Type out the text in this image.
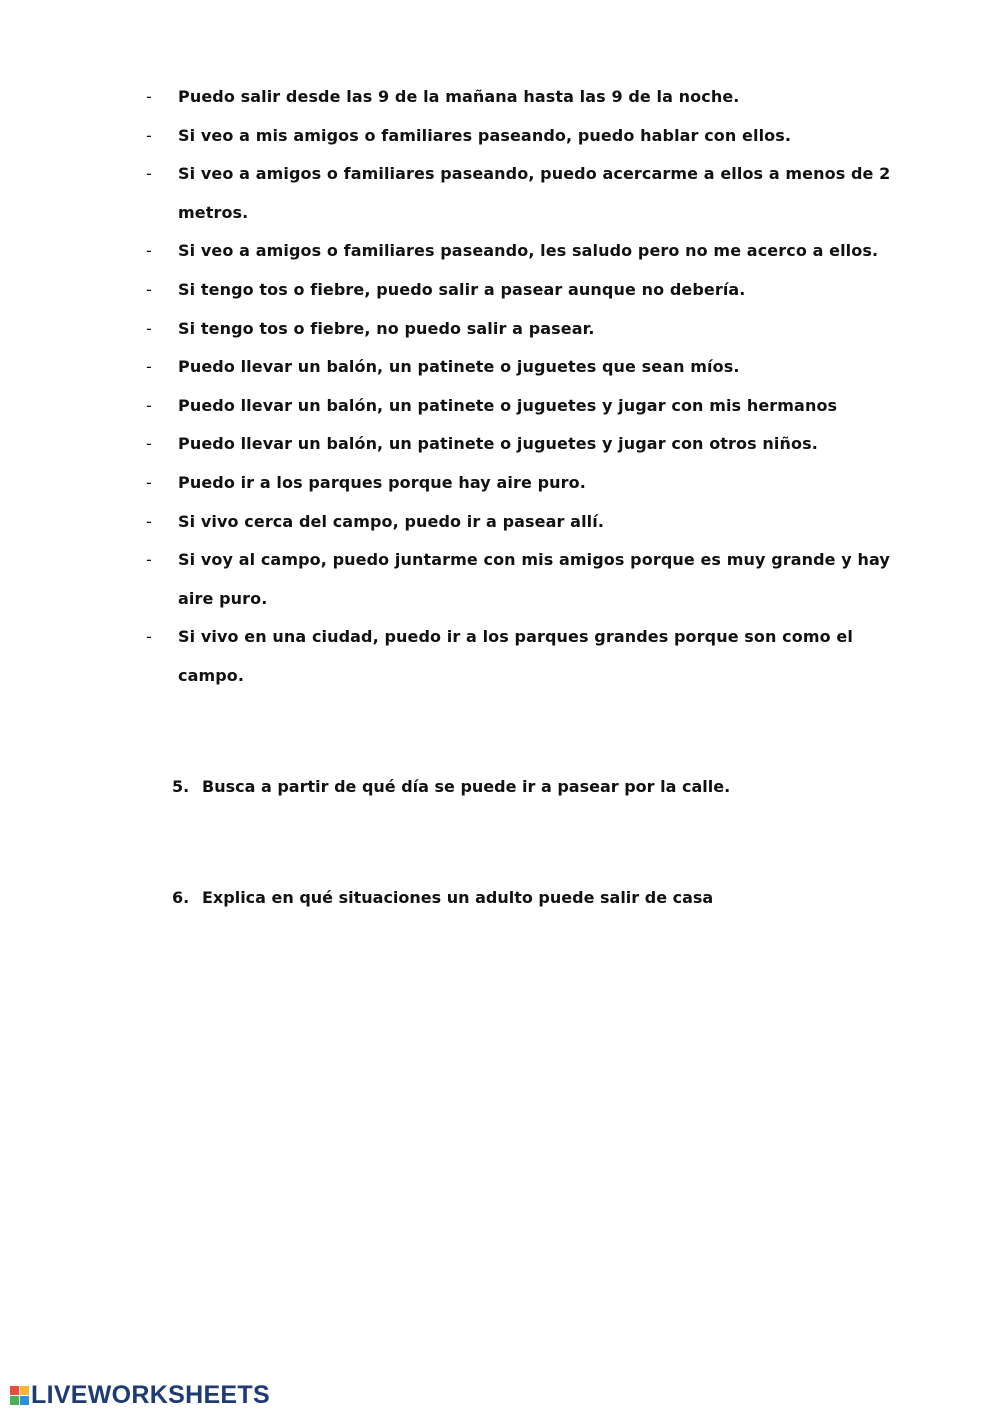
- Puedo salir desde las 9 de la mañana hasta las 9 de la noche.
- Si veo a mis amigos o familiares paseando, puedo hablar con ellos.
- Si veo a amigos o familiares paseando, puedo acercarme a ellos a menos de 2 metros.
- Si veo a amigos o familiares paseando, les saludo pero no me acerco a ellos.
- Si tengo tos o fiebre, puedo salir a pasear aunque no debería.
- Si tengo tos o fiebre, no puedo salir a pasear.
- Puedo llevar un balón, un patinete o juguetes que sean míos.
- Puedo llevar un balón, un patinete o juguetes y jugar con mis hermanos
- Puedo llevar un balón, un patinete o juguetes y jugar con otros niños.
- Puedo ir a los parques porque hay aire puro.
- Si vivo cerca del campo, puedo ir a pasear allí.
- Si voy al campo, puedo juntarme con mis amigos porque es muy grande y hay aire puro.
- Si vivo en una ciudad, puedo ir a los parques grandes porque son como el campo.
5. Busca a partir de qué día se puede ir a pasear por la calle.
6. Explica en qué situaciones un adulto puede salir de casa
LIVEWORKSHEETS
